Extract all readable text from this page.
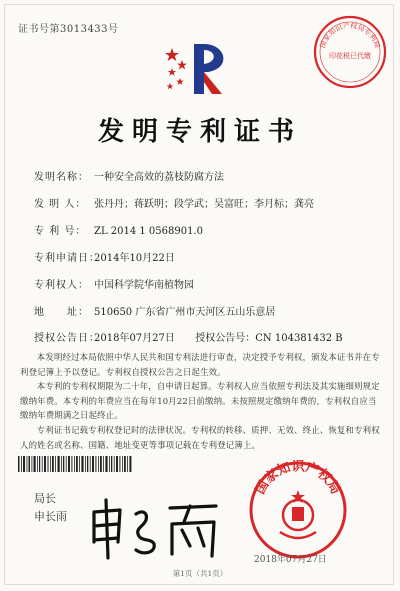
证书号第3013433号
国家知识产权局专利局
印花税已代缴
发明专利证书
发明名称： 一种安全高效的荔枝防腐方法
发 明 人： 张丹丹；蒋跃明；段学武；吴富旺；李月标；龚亮
专 利 号： ZL 2014 1 0568901.0
专利申请日：2014年10月22日
专利权人： 中国科学院华南植物园
地　　址： 510650 广东省广州市天河区五山乐意居
授权公告日：2018年07月27日 授权公告号：CN 104381432 B

本发明经过本局依照中华人民共和国专利法进行审查，决定授予专利权，颁发本证书并在专利登记簿上予以登记。专利权自授权公告之日起生效。

本专利的专利权期限为二十年，自申请日起算。专利权人应当依照专利法及其实施细则规定缴纳年费。本专利的年费应当在每年10月22日前缴纳。未按照规定缴纳年费的，专利权自应当缴纳年费期满之日起终止。

专利证书记载专利权登记时的法律状况。专利权的转移、质押、无效、终止、恢复和专利权人的姓名或名称、国籍、地址变更等事项记载在专利登记簿上。

局长
申长雨
国家知识产权局
2018年07月27日
第1页（共1页）
